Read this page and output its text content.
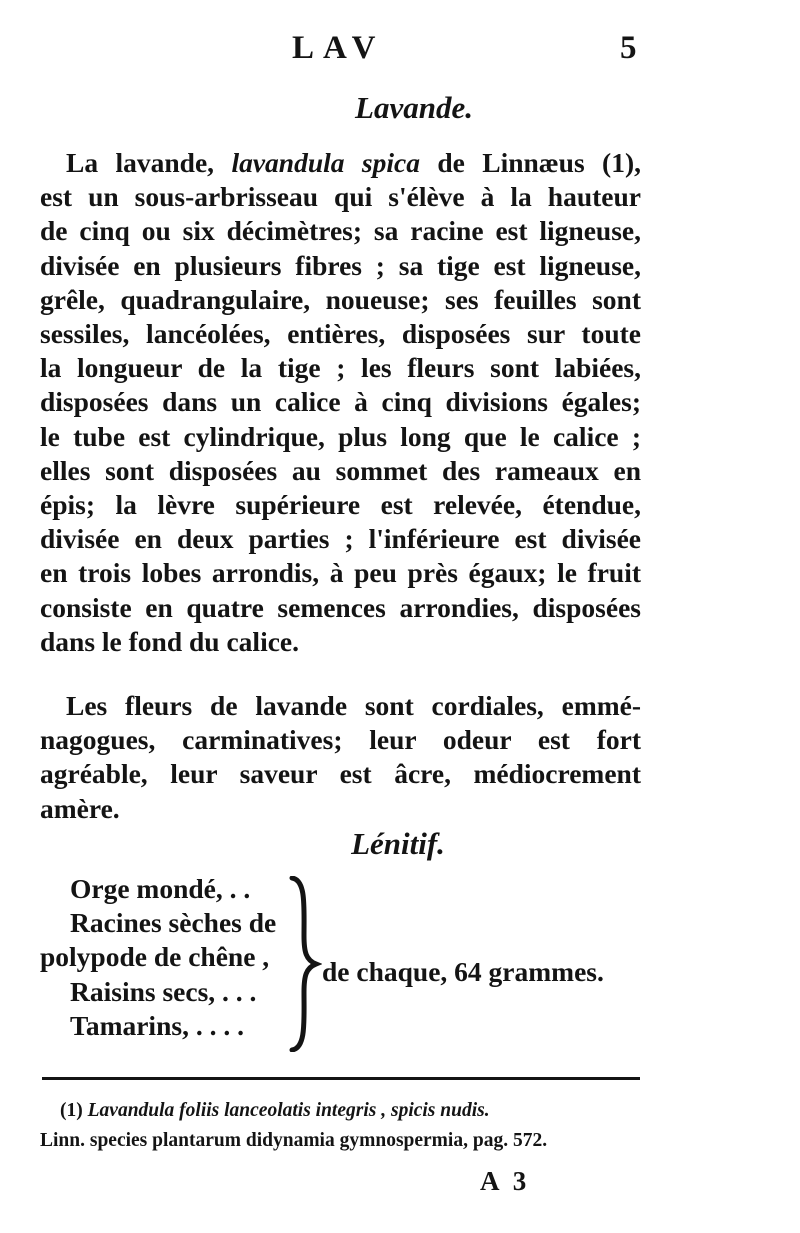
LAV	5
Lavande.

La lavande, lavandula spica de Linnæus (1),
est un sous-arbrisseau qui s'élève à la hauteur
de cinq ou six décimètres; sa racine est ligneuse,
divisée en plusieurs fibres ; sa tige est ligneuse,
grêle, quadrangulaire, noueuse; ses feuilles sont
sessiles, lancéolées, entières, disposées sur toute
la longueur de la tige ; les fleurs sont labiées,
disposées dans un calice à cinq divisions égales;
le tube est cylindrique, plus long que le calice ;
elles sont disposées au sommet des rameaux en
épis; la lèvre supérieure est relevée, étendue,
divisée en deux parties ; l'inférieure est divisée
en trois lobes arrondis, à peu près égaux; le fruit
consiste en quatre semences arrondies, disposées
dans le fond du calice.

Les fleurs de lavande sont cordiales, emmé-
nagogues, carminatives; leur odeur est fort
agréable, leur saveur est âcre, médiocrement
amère.

Lénitif.
Orge mondé, . .
Racines sèches de
polypode de chêne ,
Raisins secs, . . .
Tamarins, . . . .
de chaque, 64 grammes.
(1) Lavandula foliis lanceolatis integris , spicis nudis.
Linn. species plantarum didynamia gymnospermia, pag. 572.
A 3
